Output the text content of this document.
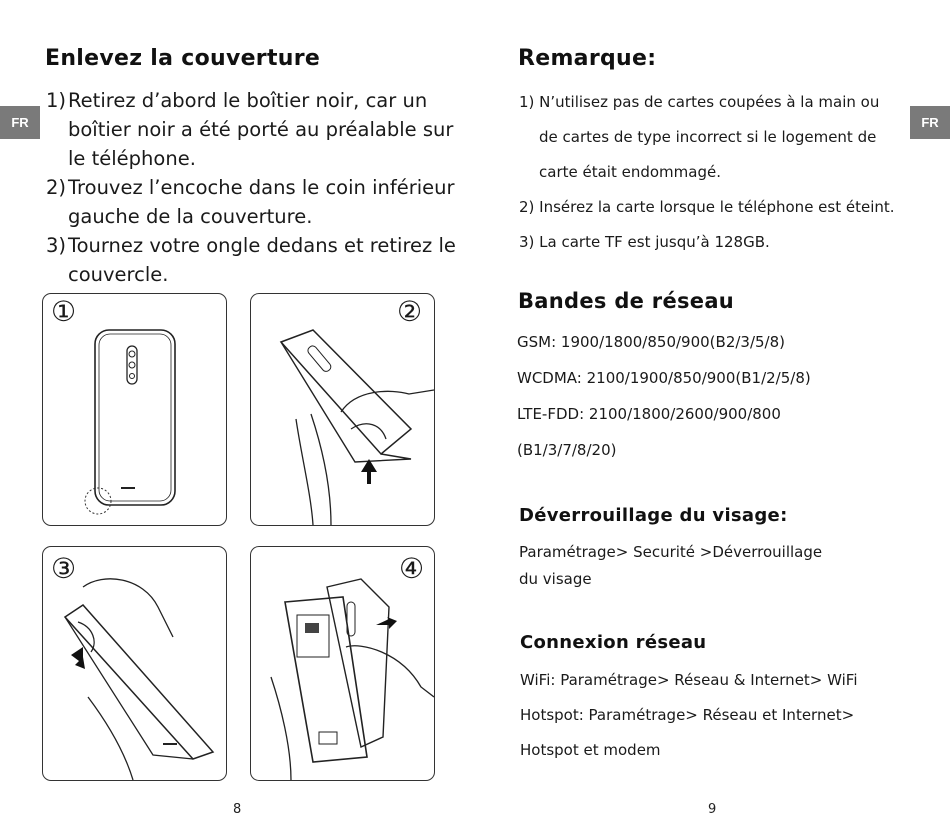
FR
Enlevez la couverture
1) Retirez d’abord le boîtier noir, car un boîtier noir a été porté au préalable sur le téléphone.
2) Trouvez l’encoche dans le coin inférieur gauche de la couverture.
3) Tournez votre ongle dedans et retirez le couvercle.
①	②
③	④
8
FR
Remarque:
1) N’utilisez pas de cartes coupées à la main ou
de cartes de type incorrect si le logement de
carte était endommagé.
2) Insérez la carte lorsque le téléphone est éteint.
3) La carte TF est jusqu’à 128GB.
Bandes de réseau
GSM: 1900/1800/850/900(B2/3/5/8)
WCDMA: 2100/1900/850/900(B1/2/5/8)
LTE-FDD: 2100/1800/2600/900/800
(B1/3/7/8/20)
Déverrouillage du visage:
Paramétrage> Securité >Déverrouillage
du visage
Connexion réseau
WiFi: Paramétrage> Réseau & Internet> WiFi
Hotspot: Paramétrage> Réseau et Internet>
Hotspot et modem
9
